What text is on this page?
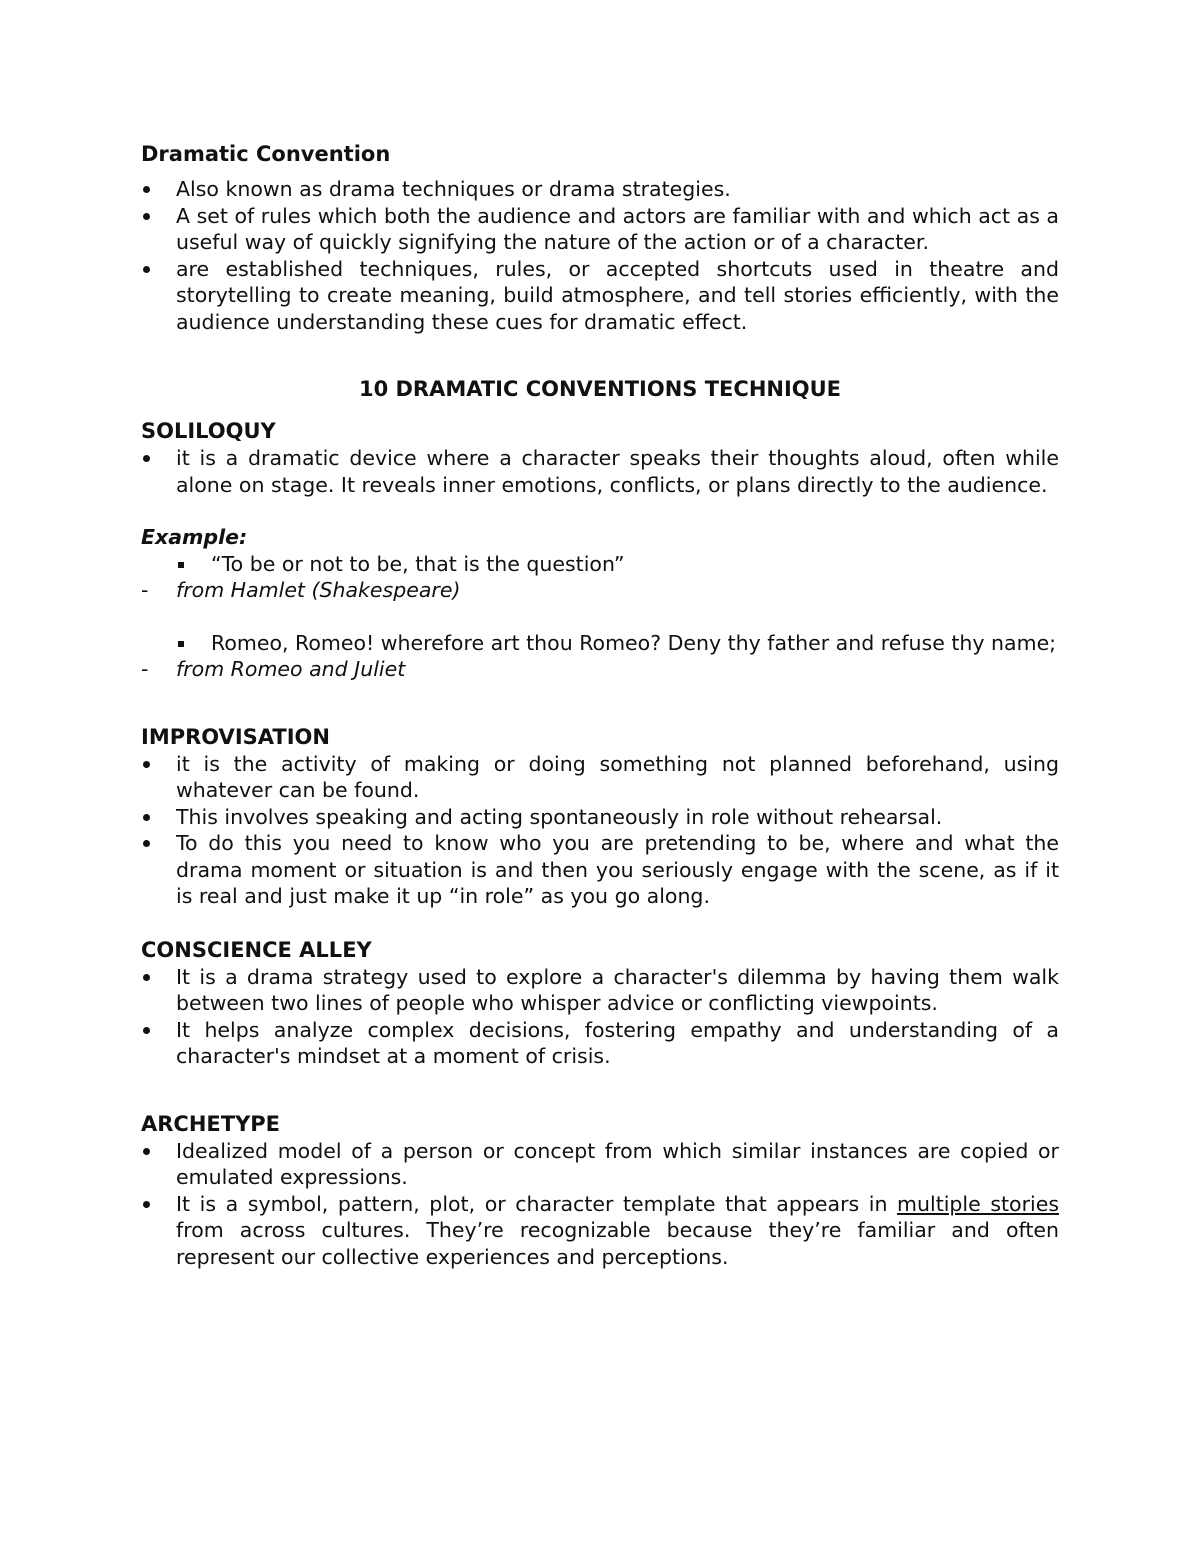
Dramatic Convention
Also known as drama techniques or drama strategies.
A set of rules which both the audience and actors are familiar with and which act as a useful way of quickly signifying the nature of the action or of a character.
are established techniques, rules, or accepted shortcuts used in theatre and storytelling to create meaning, build atmosphere, and tell stories efficiently, with the audience understanding these cues for dramatic effect.
10 DRAMATIC CONVENTIONS TECHNIQUE
SOLILOQUY
it is a dramatic device where a character speaks their thoughts aloud, often while alone on stage. It reveals inner emotions, conflicts, or plans directly to the audience.

Example:

“To be or not to be, that is the question”
- from Hamlet (Shakespeare)
Romeo, Romeo! wherefore art thou Romeo? Deny thy father and refuse thy name;
- from Romeo and Juliet
IMPROVISATION
it is the activity of making or doing something not planned beforehand, using whatever can be found.
This involves speaking and acting spontaneously in role without rehearsal.
To do this you need to know who you are pretending to be, where and what the drama moment or situation is and then you seriously engage with the scene, as if it is real and just make it up “in role” as you go along.
CONSCIENCE ALLEY
It is a drama strategy used to explore a character's dilemma by having them walk between two lines of people who whisper advice or conflicting viewpoints.
It helps analyze complex decisions, fostering empathy and understanding of a character's mindset at a moment of crisis.
ARCHETYPE
Idealized model of a person or concept from which similar instances are copied or emulated expressions.
It is a symbol, pattern, plot, or character template that appears in multiple stories from across cultures. They’re recognizable because they’re familiar and often represent our collective experiences and perceptions.
